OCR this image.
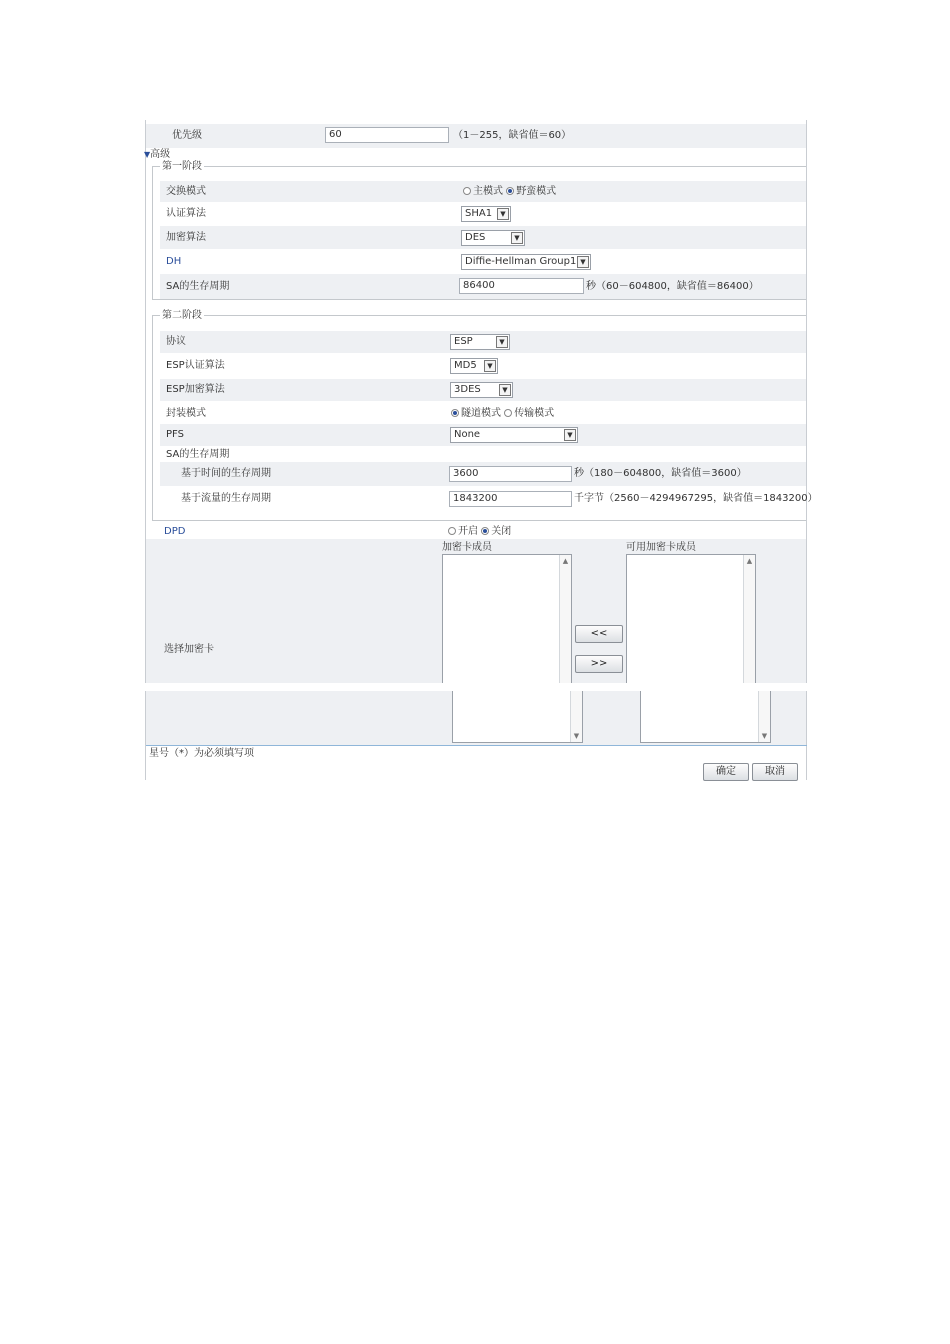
优先级	60	（1－255，缺省值＝60）
▼高级
第一阶段
交换模式	主模式 野蛮模式
认证算法	SHA1	▼
加密算法	DES	▼
DH	Diffie-Hellman Group1 ▼
SA的生存周期	86400	秒（60－604800，缺省值＝86400）
第二阶段
协议	ESP	▼
ESP认证算法	MD5	▼
ESP加密算法	3DES	▼
封装模式	隧道模式 传输模式
PFS	None	▼
SA的生存周期
基于时间的生存周期	3600	秒（180－604800，缺省值＝3600）
基于流量的生存周期	1843200	千字节（2560－4294967295，缺省值＝1843200）
DPD	开启 关闭
选择加密卡
加密卡成员	可用加密卡成员
▲	▲
<<
>>
▼	▼
星号（*）为必须填写项
确定	取消
